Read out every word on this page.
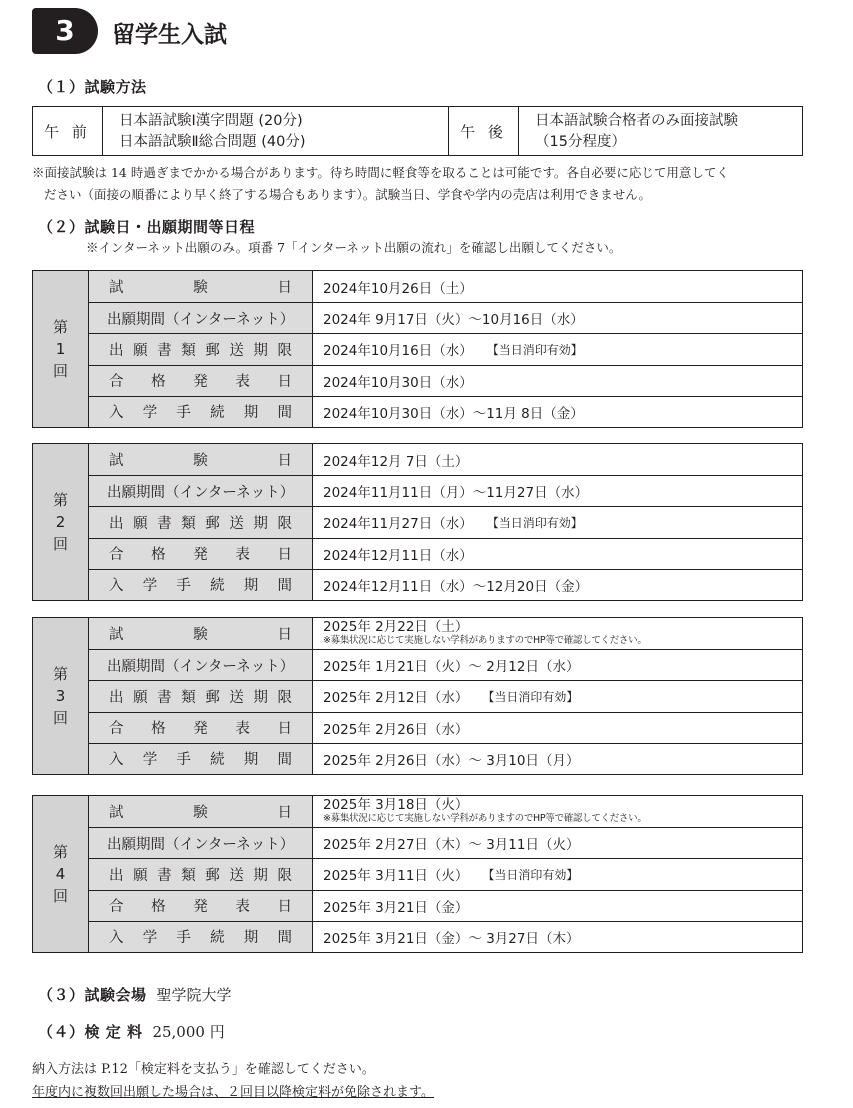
3	留学生入試
（１）試験方法
午 前
日本語試験Ⅰ漢字問題 (20分)
日本語試験Ⅱ総合問題 (40分)
午 後
日本語試験合格者のみ面接試験
（15分程度）
※面接試験は 14 時過ぎまでかかる場合があります。待ち時間に軽食等を取ることは可能です。各自必要に応じて用意してく
ださい（面接の順番により早く終了する場合もあります）。試験当日、学食や学内の売店は利用できません。
（２）試験日・出願期間等日程
※インターネット出願のみ。項番 7「インターネット出願の流れ」を確認し出願してください。
第
1
回
試	験	日 2024年10月26日（土）
出願期間（インターネット）	2024年 9月17日（火）～10月16日（水）
出 願 書 類 郵 送 期 限 2024年10月16日（水） 【当日消印有効】
合 格 発 表 日 2024年10月30日（水）
入 学 手 続 期 間 2024年10月30日（水）～11月 8日（金）
第
2
回
試	験	日 2024年12月 7日（土）
出願期間（インターネット）	2024年11月11日（月）～11月27日（水）
出 願 書 類 郵 送 期 限 2024年11月27日（水） 【当日消印有効】
合 格 発 表 日 2024年12月11日（水）
入 学 手 続 期 間 2024年12月11日（水）～12月20日（金）
第
3
回
試	験	日
2025年 2月22日（土）
※募集状況に応じて実施しない学科がありますのでHP等で確認してください。
出願期間（インターネット）	2025年 1月21日（火）～ 2月12日（水）
出 願 書 類 郵 送 期 限 2025年 2月12日（水） 【当日消印有効】
合 格 発 表 日 2025年 2月26日（水）
入 学 手 続 期 間 2025年 2月26日（水）～ 3月10日（月）
第
4
回
試	験	日
2025年 3月18日（火）
※募集状況に応じて実施しない学科がありますのでHP等で確認してください。
出願期間（インターネット）	2025年 2月27日（木）～ 3月11日（火）
出 願 書 類 郵 送 期 限 2025年 3月11日（火） 【当日消印有効】
合 格 発 表 日 2025年 3月21日（金）
入 学 手 続 期 間 2025年 3月21日（金）～ 3月27日（木）
（３）試験会場 聖学院大学
（４）検 定 料 25,000 円
納入方法は P.12「検定料を支払う」を確認してください。
年度内に複数回出願した場合は、２回目以降検定料が免除されます。
